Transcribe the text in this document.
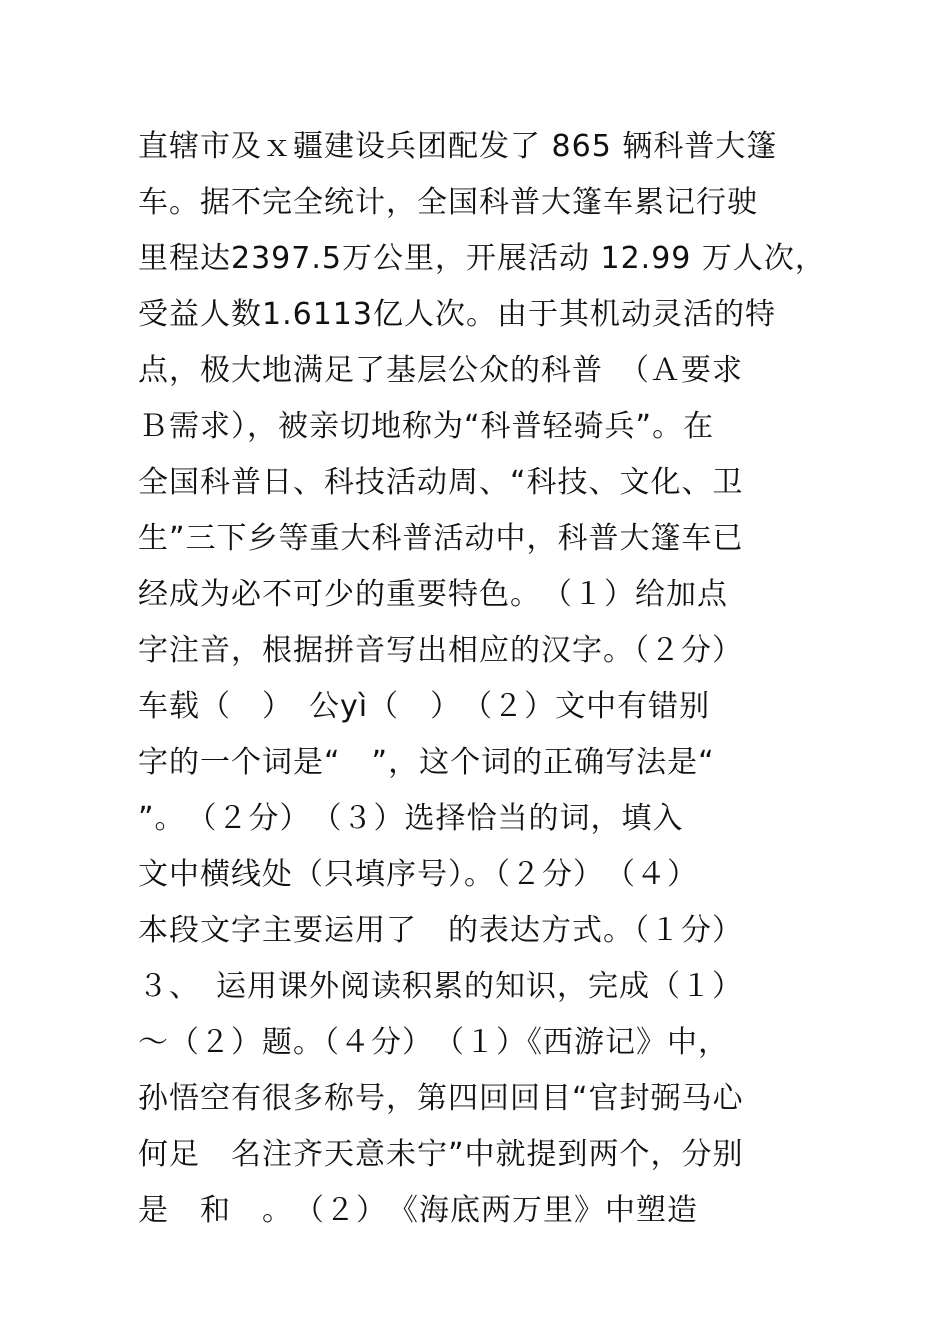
直辖市及ｘ疆建设兵团配发了 865 辆科普大篷
车。据不完全统计，全国科普大篷车累记行驶
里程达2397.5万公里，开展活动 12.99 万人次，
受益人数1.6113亿人次。由于其机动灵活的特
点，极大地满足了基层公众的科普　（Ａ要求
Ｂ需求），被亲切地称为“科普轻骑兵”。在
全国科普日、科技活动周、“科技、文化、卫
生”三下乡等重大科普活动中，科普大篷车已
经成为必不可少的重要特色。　（１）给加点
字注音，根据拼音写出相应的汉字。（２分）
车载（　）　公yì（　）　（２）文中有错别
字的一个词是“　”，这个词的正确写法是“
”。　（２分）　（３）选择恰当的词，填入
文中横线处（只填序号）。（２分）　（４）
本段文字主要运用了　的表达方式。（１分）
３、　运用课外阅读积累的知识，完成（１）
～（２）题。（４分）　（１）《西游记》中，
孙悟空有很多称号，第四回回目“官封弼马心
何足　名注齐天意未宁”中就提到两个，分别
是　和　。　（２）　《海底两万里》中塑造
